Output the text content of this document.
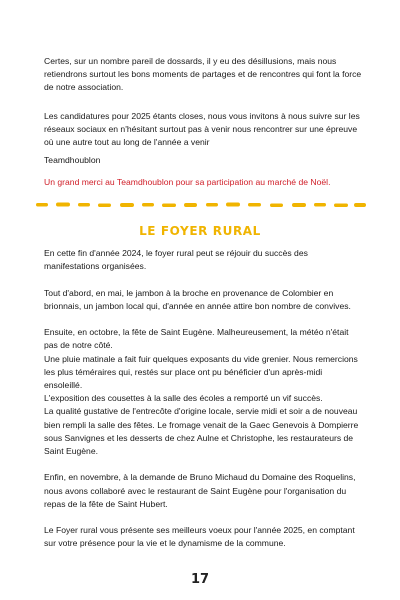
Certes, sur un nombre pareil de dossards, il y eu des désillusions, mais nous retiendrons surtout les bons moments de partages et de rencontres qui font la force de notre association.

Les candidatures pour 2025 étants closes, nous vous invitons à nous suivre sur les réseaux sociaux en n'hésitant surtout pas à venir nous rencontrer sur une épreuve où une autre tout au long de l'année a venir

Teamdhoublon

Un grand merci au Teamdhoublon pour sa participation au marché de Noël.

LE FOYER RURAL

En cette fin d'année 2024, le foyer rural peut se réjouir du succès des manifestations organisées.

Tout d'abord, en mai, le jambon à la broche en provenance de Colombier en brionnais, un jambon local qui, d'année en année attire bon nombre de convives.

Ensuite, en octobre, la fête de Saint Eugène. Malheureusement, la météo n'était pas de notre côté.

Une pluie matinale a fait fuir quelques exposants du vide grenier. Nous remercions les plus téméraires qui, restés sur place ont pu bénéficier d'un après-midi ensoleillé.

L'exposition des cousettes à la salle des écoles a remporté un vif succès.

La qualité gustative de l'entrecôte d'origine locale, servie midi et soir a de nouveau bien rempli la salle des fêtes. Le fromage venait de la Gaec Genevois à Dompierre sous Sanvignes et les desserts de chez Aulne et Christophe, les restaurateurs de Saint Eugène.

Enfin, en novembre, à la demande de Bruno Michaud du Domaine des Roquelins, nous avons collaboré avec le restaurant de Saint Eugène pour l'organisation du repas de la fête de Saint Hubert.

Le Foyer rural vous présente ses meilleurs voeux pour l'année 2025, en comptant sur votre présence pour la vie et le dynamisme de la commune.

17
